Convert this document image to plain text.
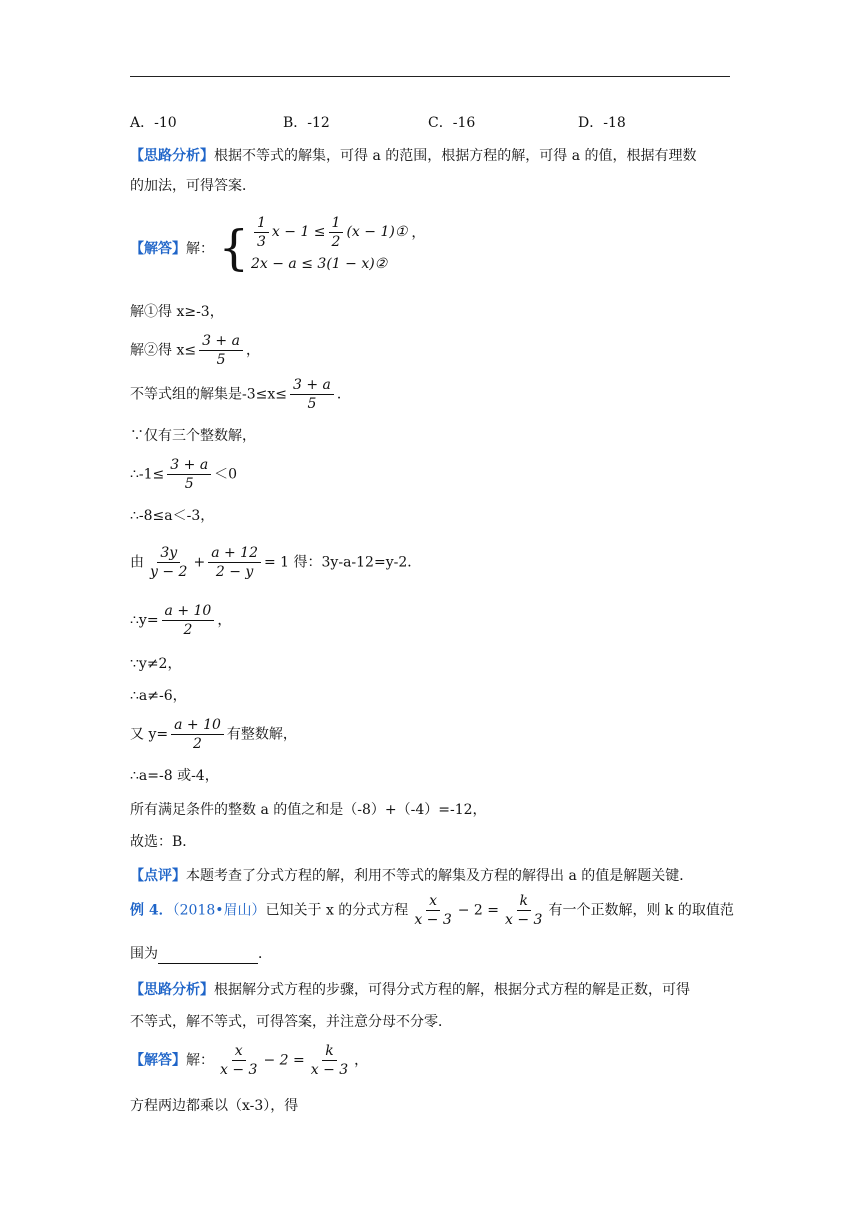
A．-10	B．-12	C．-16	D．-18
【思路分析】根据不等式的解集，可得 a 的范围，根据方程的解，可得 a 的值，根据有理数
的加法，可得答案．
【解答】解： { $\frac{1}{3}$ $x - 1 \le \frac{1}{2} (x$ − 1)① ，
2x − a ≤ 3(1 − x)②
解①得 x≥-3，
解②得 $x\le \frac{3 + a}{5}$ ，
不等式组的解集是$-3\le x\le \frac{3 + a}{5}$ ．
∵仅有三个整数解，
∴-1≤ $\frac{3 + a}{5} <0$
∴-8≤a＜-3，
由 $\frac{3y}{y - 2} + \frac{a + 12}{2 - y} = 1$ 得：3y-a-12=y-2．
∴y= $\frac{a + 10}{2}$ ，
∵y≠2，
∴a≠-6，
又 $y= \frac{a + 10}{2}$ 有整数解，
∴a=-8 或-4，
所有满足条件的整数 a 的值之和是（-8）+（-4）=-12，
故选：B．
【点评】本题考查了分式方程的解，利用不等式的解集及方程的解得出 a 的值是解题关键．
例 4．（2018•眉山）已知关于 x 的分式方程 $\frac{x}{x - 3} - 2 = \frac{k}{x - 3}$ 有一个正数解，则 k 的取值范
围为	．
【思路分析】根据解分式方程的步骤，可得分式方程的解，根据分式方程的解是正数，可得
不等式，解不等式，可得答案，并注意分母不分零．
【解答】解： $\frac{x}{x - 3} - 2 = \frac{k}{x - 3}$ ，
方程两边都乘以（x-3），得
